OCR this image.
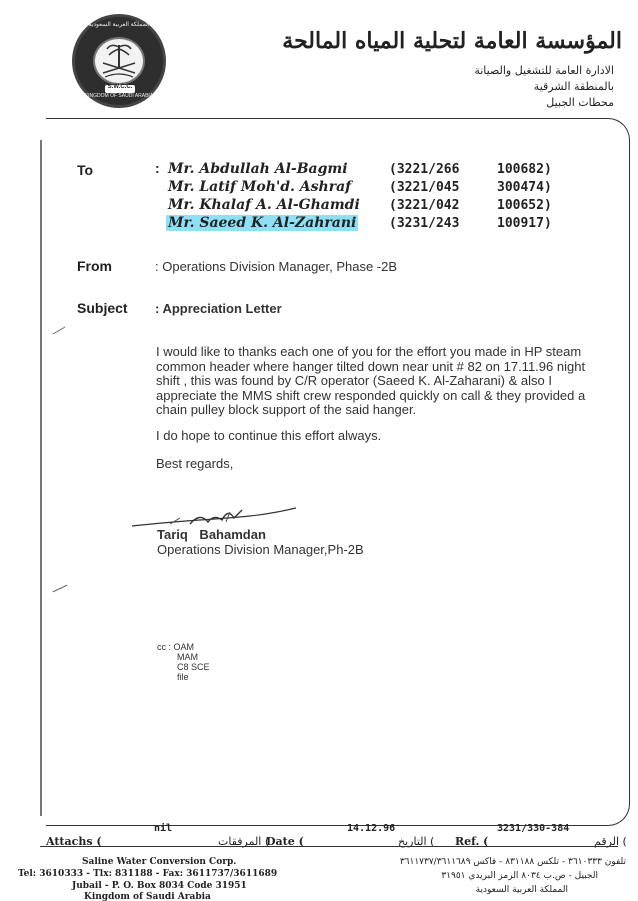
المملكة العربية السعودية
S.W.C.C.
KINGDOM OF SAUDI ARABIA
المؤسسة العامة لتحلية المياه المالحة
الادارة العامة للتشغيل والصيانة
بالمنطقة الشرقية
محطات الجبيل
To	: Mr. Abdullah Al-Bagmi	(3221/266	100682)
Mr. Latif Moh'd. Ashraf	(3221/045	300474)
Mr. Khalaf A. Al-Ghamdi (3221/042	100652)
Mr. Saeed K. Al-Zahrani	(3231/243	100917)
From	: Operations Division Manager, Phase -2B
Subject : Appreciation Letter
I would like to thanks each one of you for the effort you made in HP steam common header where hanger tilted down near unit # 82 on 17.11.96 night shift , this was found by C/R operator (Saeed K. Al-Zaharani) & also I appreciate the MMS shift crew responded quickly on call & they provided a chain pulley block support of the said hanger.
I do hope to continue this effort always.
Best regards,
Tariq Bahamdan
Operations Division Manager,Ph-2B
cc : OAM
MAM
C8 SCE
file
Attachs (
nil
) المرفقات
Date (
14.12.96
) التاريخ Ref. (
3231/330-384
) الرقم
Saline Water Conversion Corp.
Tel: 3610333 - Tlx: 831188 - Fax: 3611737/3611689
Jubail - P. O. Box 8034 Code 31951
Kingdom of Saudi Arabia
تلفون ٣٦١٠٣٣٣ - تلكس ٨٣١١٨٨ - فاكس ٣٦١١٧٣٧/٣٦١١٦٨٩
الجبيل - ص.ب ٨٠٣٤ الرمز البريدي ٣١٩٥١
المملكة العربية السعودية
